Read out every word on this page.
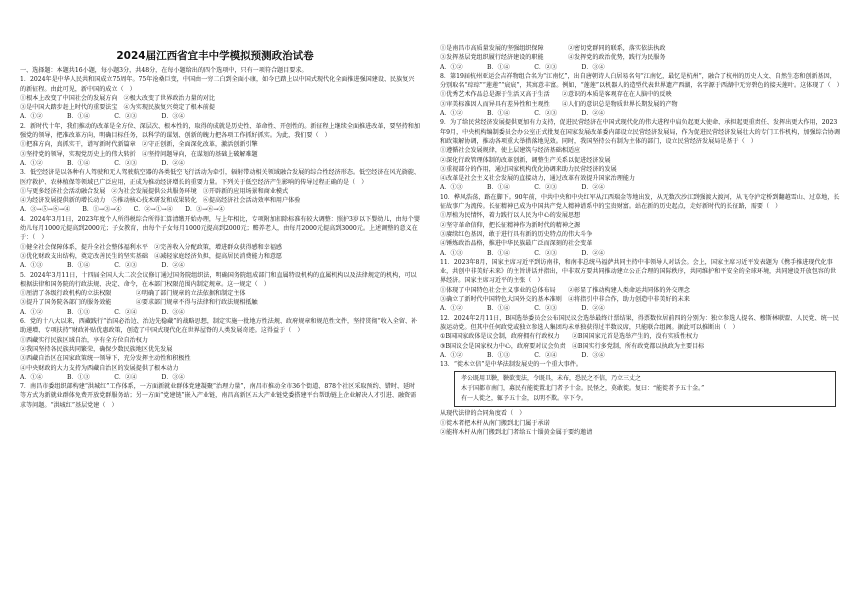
2024届江西省宜丰中学模拟预测政治试卷

一、选择题：本题共16小题，每小题3分，共48分，在每小题给出的四个选项中，只有一项符合题目要求。

1．2024年是中华人民共和国成立75周年。75年沧桑巨变，中国由一穷二白到全面小康，如今已踏上以中国式现代化全面推进强国建设、民族复兴的新征程。由此可见，新中国的成立（　）

①根本上改变了中国社会的发展方向　②极大改变了世界政治力量的对比

③是中国大踏步赶上时代的重要法宝　④为实现民族复兴奠定了根本前提

A．①②　　　　B．①④　　　　C．②③　　　　D．③④

2．新时代十年，我们推动的改革是全方位、深层次、根本性的，取得的成就是历史性、革命性、开创性的。新征程上继续全面推进改革，要坚持和加强党的领导，把准改革方向，明确目标任务，以科学的谋划、创新的魄力把各项工作抓好抓实。为此，我们要（　）

①把准方向，真抓实干，谱写新时代新篇章　②守正创新，全面深化改革，激活创新引擎

③坚持党的领导，实现党历史上的伟大转折　④坚持问题导向，在谋划的基础上破解难题

A．①②　　　　B．①④　　　　C．②③　　　　D．②④

3．低空经济是以各种有人驾驶和无人驾驶航空器的各类低空飞行活动为牵引，辐射带动相关领域融合发展的综合性经济形态。低空经济在风光旖旎、医疗救护、农林植保等领域已广泛应用，正成为推动经济增长的重要力量。下列关于低空经济产生影响的传导过程正确的是（　）

①与更多经济社会活动融合发展　②为社会发展提供公共服务环境　③开辟新的应用场景和商业模式

④为经济发展提供新的增长动力　⑤推动核心技术研发和成果转化　⑥提高经济社会活动效率和用户体验

A．③→⑤→⑥→④　　B．①→③→④　　C．②→①→④　　D．③→⑥→④

4．2024年3月1日，2023年度个人所得税综合所得汇算清缴开始办理，与上年相比，专项附加扣除标准有较大调整：照护3岁以下婴幼儿，由每个婴幼儿每月1000元提高到2000元；子女教育，由每个子女每月1000元提高到2000元；赡养老人，由每月2000元提高到3000元。上述调整的意义在于：（　）

①健全社会保障体系，提升全社会整体福利水平　②完善收入分配政策，增进群众获得感和幸福感

③优化财政支出结构，奠定改善民生的坚实基础　④减轻家庭经济负担，提高居民消费能力和意愿

A．①③　　　　B．①④　　　　C．②③　　　　D．②④

5．2024年3月11日，十四届全国人大二次会议修订通过国务院组织法，明确国务院组成部门和直属特设机构的直属机构以及法律规定的机构，可以根据法律和国务院的行政法规、决定、命令，在本部门权限范围内制定规章。这一规定（　）

①厘清了各级行政机构的立法权限　　　　②明确了部门规章的立法依据和制定主体

③提升了国务院各部门的服务效能　　　　④要求部门规章不得与法律和行政法规相抵触

A．①②　　　　B．①③　　　　C．②④　　　　D．③④

6．党的十八大以来，西藏践行“治国必治边、治边先稳藏”的战略思想，制定实施一批地方性法规、政府规章和规范性文件，坚持贯彻“收入全留、补助递增、专项扶持”财政补贴优惠政策，创造了中国式现代化在世界屋脊的人类发展奇迹。这得益于（　）

①西藏实行民族区域自治，享有全方位自治权力

②我国坚持各民族共同繁荣，确保少数民族地区优先发展

③西藏自治区在国家政策统一领导下，充分发挥主动性和积极性

④中央财政的大力支持为西藏自治区的发展提供了根本动力

A．①④　　　　B．①③　　　　C．②④　　　　D．③④

7．南昌市委组织部构建“洪城红”工作体系，一方面新就业群体党建凝聚“治理力量”，南昌市推动全市36个街道、878个社区采取预约、错时、延时等方式为新就业群体免费开放党群服务站；另一方面“党建链”嵌入产业链，南昌高新区五大产业链党委搭建平台帮助链上企业解决人才引进、融资需求等问题。“洪城红”基层党建（　）

①是南昌市高质量发展的坚强组织保障　　　　②密切党群同的联系，落实依法执政

③发挥基层党组织履行经济建设的职能　　　　④发挥党的政治优势，践行为民服务

A．①②　　　　B．①④　　　　C．②③　　　　D．③④

8．第19届杭州亚运会吉祥物组合名为“江南忆”，出自唐朝诗人白居易名句“江南忆，最忆是杭州”，融合了杭州的历史人文、自然生态和创新基因，分别取名“琮琮”“莲莲”“宸宸”，其寓意丰富。例如，“莲莲”以机器人的造型代表世界遗产西湖，名字源于西湖中无穷碧色的接天莲叶。这体现了（　）

①优秀艺术作品总是源于生活又高于生活　　②意识的本质是客观存在在人脑中的反映

③审美标准因人而异具有差异性和主观性　　④人们的意识总是物质世界长期发展的产物

A．①②　　　　B．①④　　　　C．②③　　　　D．②④

9．为了给民营经济发展提供更加有力支持，促进民营经济在中国式现代化的伟大进程中肩负起更大使命、承担起更重责任、发挥出更大作用，2023年9月，中央机构编制委员会办公室正式批复在国家发展改革委内部设立民营经济发展局，作为促进民营经济发展壮大的专门工作机构，加强综合协调和政策解协调，推动各项重大举措落地见效。同时，我国坚持公有制为主体的部门，设立民营经济发展局是基于（　）

①遵循社会发展规律，使上层建筑与经济基础相适应

②深化行政管理体制的改革创新，调整生产关系以促进经济发展

③重视部分的作用，通过国家机构优化协调来助力民营经济的发展

④改革是社会主义社会发展的直接动力，通过改革有效提升国家治理能力

A．①③　　　　B．①④　　　　C．②③　　　　D．②④

10．桦风浩荡，路在脚下。90年前，中共中央和中央红军从江西瑞金等地出发，从无数次沙江到强渡大渡河，从飞夺泸定桥到翻越雪山、过草地，长征故事广为流传。长征精神已成为中国共产党人精神谱系中的宝贵财富。站在新的历史起点，走好新时代的长征路，需要（　）

①厚植为民情怀，着力践行以人民为中心的发展思想

②坚守革命信仰，把长征精神作为新时代的精神之源

③赓续红色基因，敢于进行具有新的历史特点的伟大斗争

④锤炼政治品格，推进中华民族最广泛而深刻的社会变革

A．①③　　　　B．①④　　　　C．②③　　　　D．②④

11．2023年8月，国家主席习近平到访南非，和南非总统马福萨共同主持中非领导人对话会。会上，国家主席习近平发表题为《携手推进现代化事业，共创中非美好未来》的主旨讲话并指出，中非双方要共同推动建立公正合理的国际秩序，共同维护和平安全的全球环境，共同建设开放包容的世界经济。国家主席习近平的主张（　）

①体现了中国特色社会主义事业的总体布局　　②彰显了推动构建人类命运共同体的外交理念

③确立了新时代中国特色大国外交的基本准则　④将指引中非合作，助力创造中非美好的未来

A．①②　　　　B．①④　　　　C．②③　　　　D．②④

12．2024年2月11日，B国选举委员会公布国民议会选举最终计票结果，得票数位居前四的分别为：独立参选人提名、穆斯林联盟、人民党、统一民族运动党。但其中任何政党或独立参选人集团均未单独获得过半数议席，只能联合组阁。据此可以推断出（　）

①B国国家政体是议会制，政府拥有行政权力　　②B国国家元首是选举产生的，没有实质性权力

③B国议会是国家权力中心，政府要对议会负责　④B国实行多党制，所有政党都以执政为主要目标

A．①②　　　　B．①③　　　　C．②④　　　　D．③④

13．“徙木立信”是中华法制发展史的一个重大事件。

孝公既用卫鞅，鞅欲变法，令既具，未布，恐民之不信，乃立三丈之

木于国都市南门，募民有能徙置北门者予十金。民怪之，莫敢徙。复曰：“能徙者予五十金。”

有一人徙之，辄予五十金，以明不欺。卒下令。

从现代法律的合同角度看（　）

①徙木者把木杆从南门搬到北门属于承诺

②能将木杆从南门搬到北门者给五十锱黄金属于要约邀请
